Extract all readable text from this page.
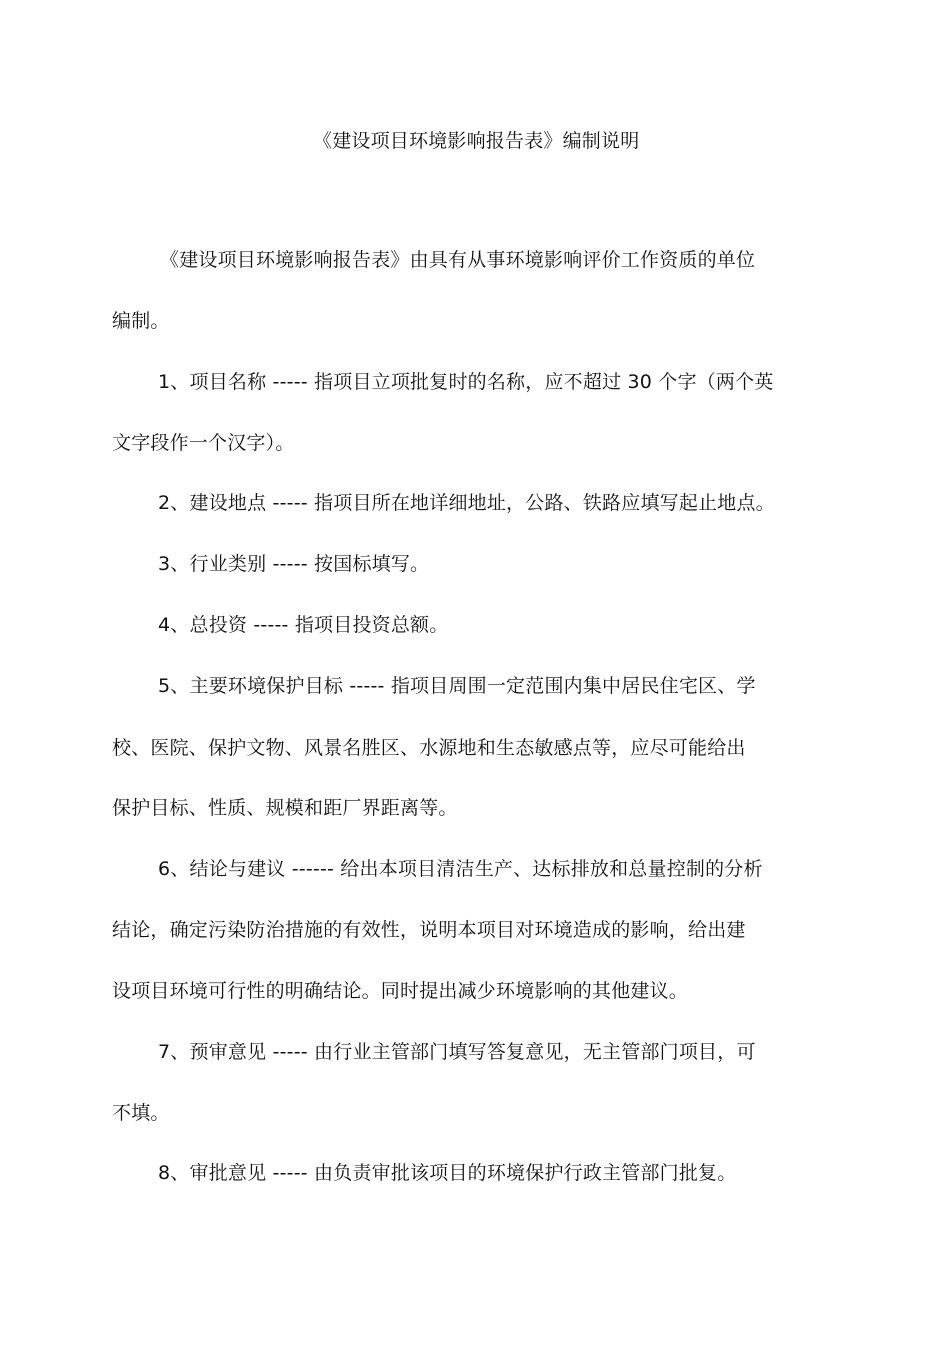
《建设项目环境影响报告表》编制说明
《建设项目环境影响报告表》由具有从事环境影响评价工作资质的单位
编制。
1、项目名称 ----- 指项目立项批复时的名称，应不超过 30 个字（两个英
文字段作一个汉字）。
2、建设地点 ----- 指项目所在地详细地址，公路、铁路应填写起止地点。
3、行业类别 ----- 按国标填写。
4、总投资 ----- 指项目投资总额。
5、主要环境保护目标 ----- 指项目周围一定范围内集中居民住宅区、学
校、医院、保护文物、风景名胜区、水源地和生态敏感点等，应尽可能给出
保护目标、性质、规模和距厂界距离等。
6、结论与建议 ------ 给出本项目清洁生产、达标排放和总量控制的分析
结论，确定污染防治措施的有效性，说明本项目对环境造成的影响，给出建
设项目环境可行性的明确结论。同时提出减少环境影响的其他建议。
7、预审意见 ----- 由行业主管部门填写答复意见，无主管部门项目，可
不填。
8、审批意见 ----- 由负责审批该项目的环境保护行政主管部门批复。
